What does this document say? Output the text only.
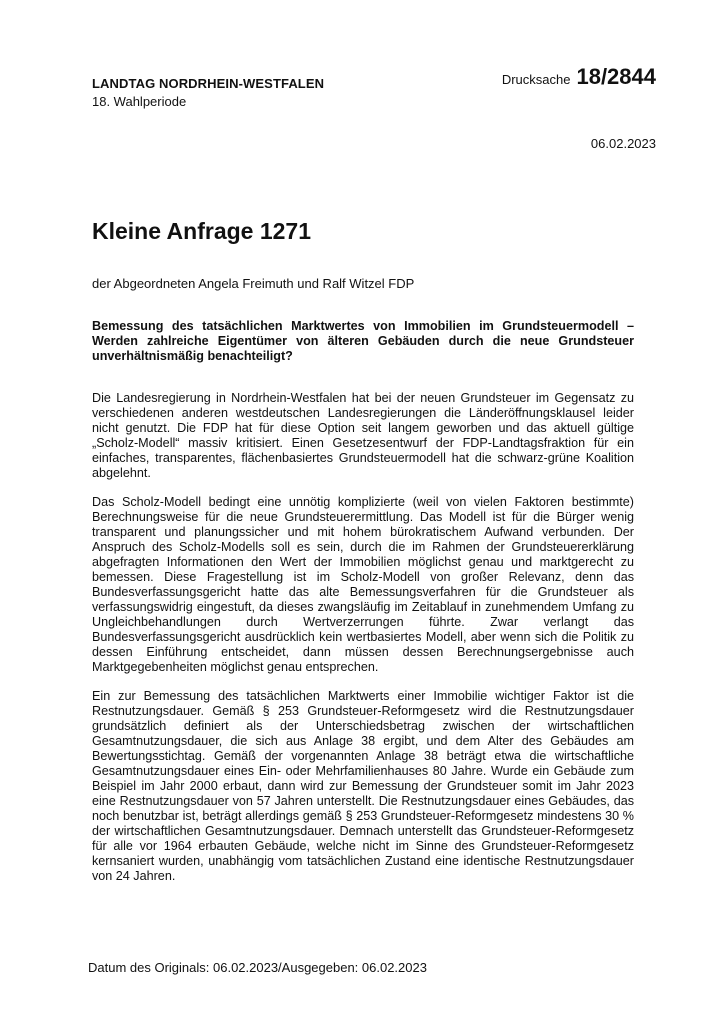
LANDTAG NORDRHEIN-WESTFALEN
18. Wahlperiode
Drucksache 18/2844
06.02.2023
Kleine Anfrage 1271
der Abgeordneten Angela Freimuth und Ralf Witzel FDP

Bemessung des tatsächlichen Marktwertes von Immobilien im Grundsteuermodell – Werden zahlreiche Eigentümer von älteren Gebäuden durch die neue Grundsteuer unverhältnismäßig benachteiligt?

Die Landesregierung in Nordrhein-Westfalen hat bei der neuen Grundsteuer im Gegensatz zu verschiedenen anderen westdeutschen Landesregierungen die Länderöffnungsklausel leider nicht genutzt. Die FDP hat für diese Option seit langem geworben und das aktuell gültige „Scholz-Modell“ massiv kritisiert. Einen Gesetzesentwurf der FDP-Landtagsfraktion für ein einfaches, transparentes, flächenbasiertes Grundsteuermodell hat die schwarz-grüne Koalition abgelehnt.

Das Scholz-Modell bedingt eine unnötig komplizierte (weil von vielen Faktoren bestimmte) Berechnungsweise für die neue Grundsteuerermittlung. Das Modell ist für die Bürger wenig transparent und planungssicher und mit hohem bürokratischem Aufwand verbunden. Der Anspruch des Scholz-Modells soll es sein, durch die im Rahmen der Grundsteuererklärung abgefragten Informationen den Wert der Immobilien möglichst genau und marktgerecht zu bemessen. Diese Fragestellung ist im Scholz-Modell von großer Relevanz, denn das Bundesverfassungsgericht hatte das alte Bemessungsverfahren für die Grundsteuer als verfassungswidrig eingestuft, da dieses zwangsläufig im Zeitablauf in zunehmendem Umfang zu Ungleichbehandlungen durch Wertverzerrungen führte. Zwar verlangt das Bundesverfassungsgericht ausdrücklich kein wertbasiertes Modell, aber wenn sich die Politik zu dessen Einführung entscheidet, dann müssen dessen Berechnungsergebnisse auch Marktgegebenheiten möglichst genau entsprechen.

Ein zur Bemessung des tatsächlichen Marktwerts einer Immobilie wichtiger Faktor ist die Restnutzungsdauer. Gemäß § 253 Grundsteuer-Reformgesetz wird die Restnutzungsdauer grundsätzlich definiert als der Unterschiedsbetrag zwischen der wirtschaftlichen Gesamtnutzungsdauer, die sich aus Anlage 38 ergibt, und dem Alter des Gebäudes am Bewertungsstichtag. Gemäß der vorgenannten Anlage 38 beträgt etwa die wirtschaftliche Gesamtnutzungsdauer eines Ein- oder Mehrfamilienhauses 80 Jahre. Wurde ein Gebäude zum Beispiel im Jahr 2000 erbaut, dann wird zur Bemessung der Grundsteuer somit im Jahr 2023 eine Restnutzungsdauer von 57 Jahren unterstellt. Die Restnutzungsdauer eines Gebäudes, das noch benutzbar ist, beträgt allerdings gemäß § 253 Grundsteuer-Reformgesetz mindestens 30 % der wirtschaftlichen Gesamtnutzungsdauer. Demnach unterstellt das Grundsteuer-Reformgesetz für alle vor 1964 erbauten Gebäude, welche nicht im Sinne des Grundsteuer-Reformgesetz kernsaniert wurden, unabhängig vom tatsächlichen Zustand eine identische Restnutzungsdauer von 24 Jahren.

Datum des Originals: 06.02.2023/Ausgegeben: 06.02.2023
